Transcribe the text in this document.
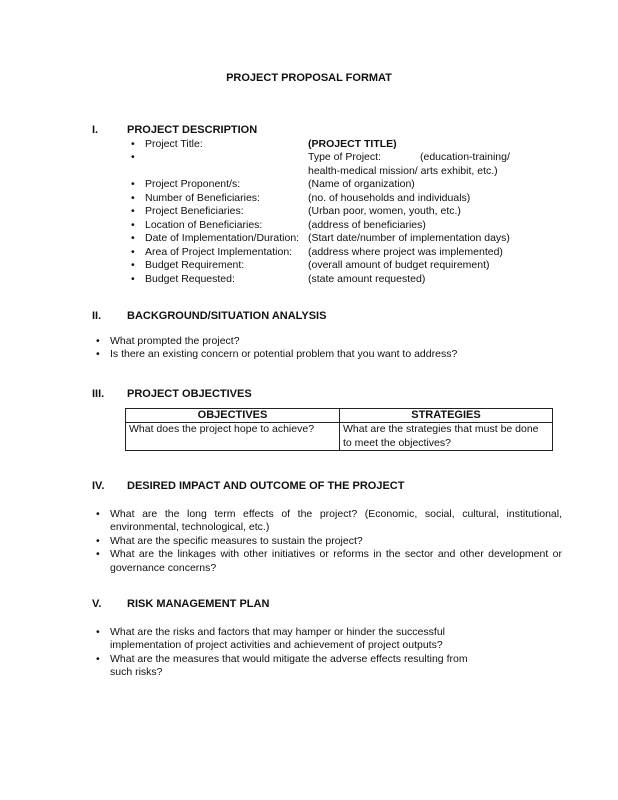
PROJECT PROPOSAL FORMAT
I.	PROJECT DESCRIPTION
• Project Title:	(PROJECT TITLE)
•	Type of Project:	(education-training/
health-medical mission/ arts exhibit, etc.)
• Project Proponent/s:	(Name of organization)
• Number of Beneficiaries:	(no. of households and individuals)
• Project Beneficiaries:	(Urban poor, women, youth, etc.)
• Location of Beneficiaries:	(address of beneficiaries)
• Date of Implementation/Duration: (Start date/number of implementation days)
• Area of Project Implementation:	(address where project was implemented)
• Budget Requirement:	(overall amount of budget requirement)
• Budget Requested:	(state amount requested)
II.	BACKGROUND/SITUATION ANALYSIS
• What prompted the project?
• Is there an existing concern or potential problem that you want to address?
III.	PROJECT OBJECTIVES
OBJECTIVES	STRATEGIES
What does the project hope to achieve?	What are the strategies that must be done to meet the objectives?
IV.	DESIRED IMPACT AND OUTCOME OF THE PROJECT
• What are the long term effects of the project? (Economic, social, cultural, institutional, environmental, technological, etc.)
• What are the specific measures to sustain the project?
• What are the linkages with other initiatives or reforms in the sector and other development or governance concerns?
V.	RISK MANAGEMENT PLAN
• What are the risks and factors that may hamper or hinder the successful implementation of project activities and achievement of project outputs?
• What are the measures that would mitigate the adverse effects resulting from such risks?
